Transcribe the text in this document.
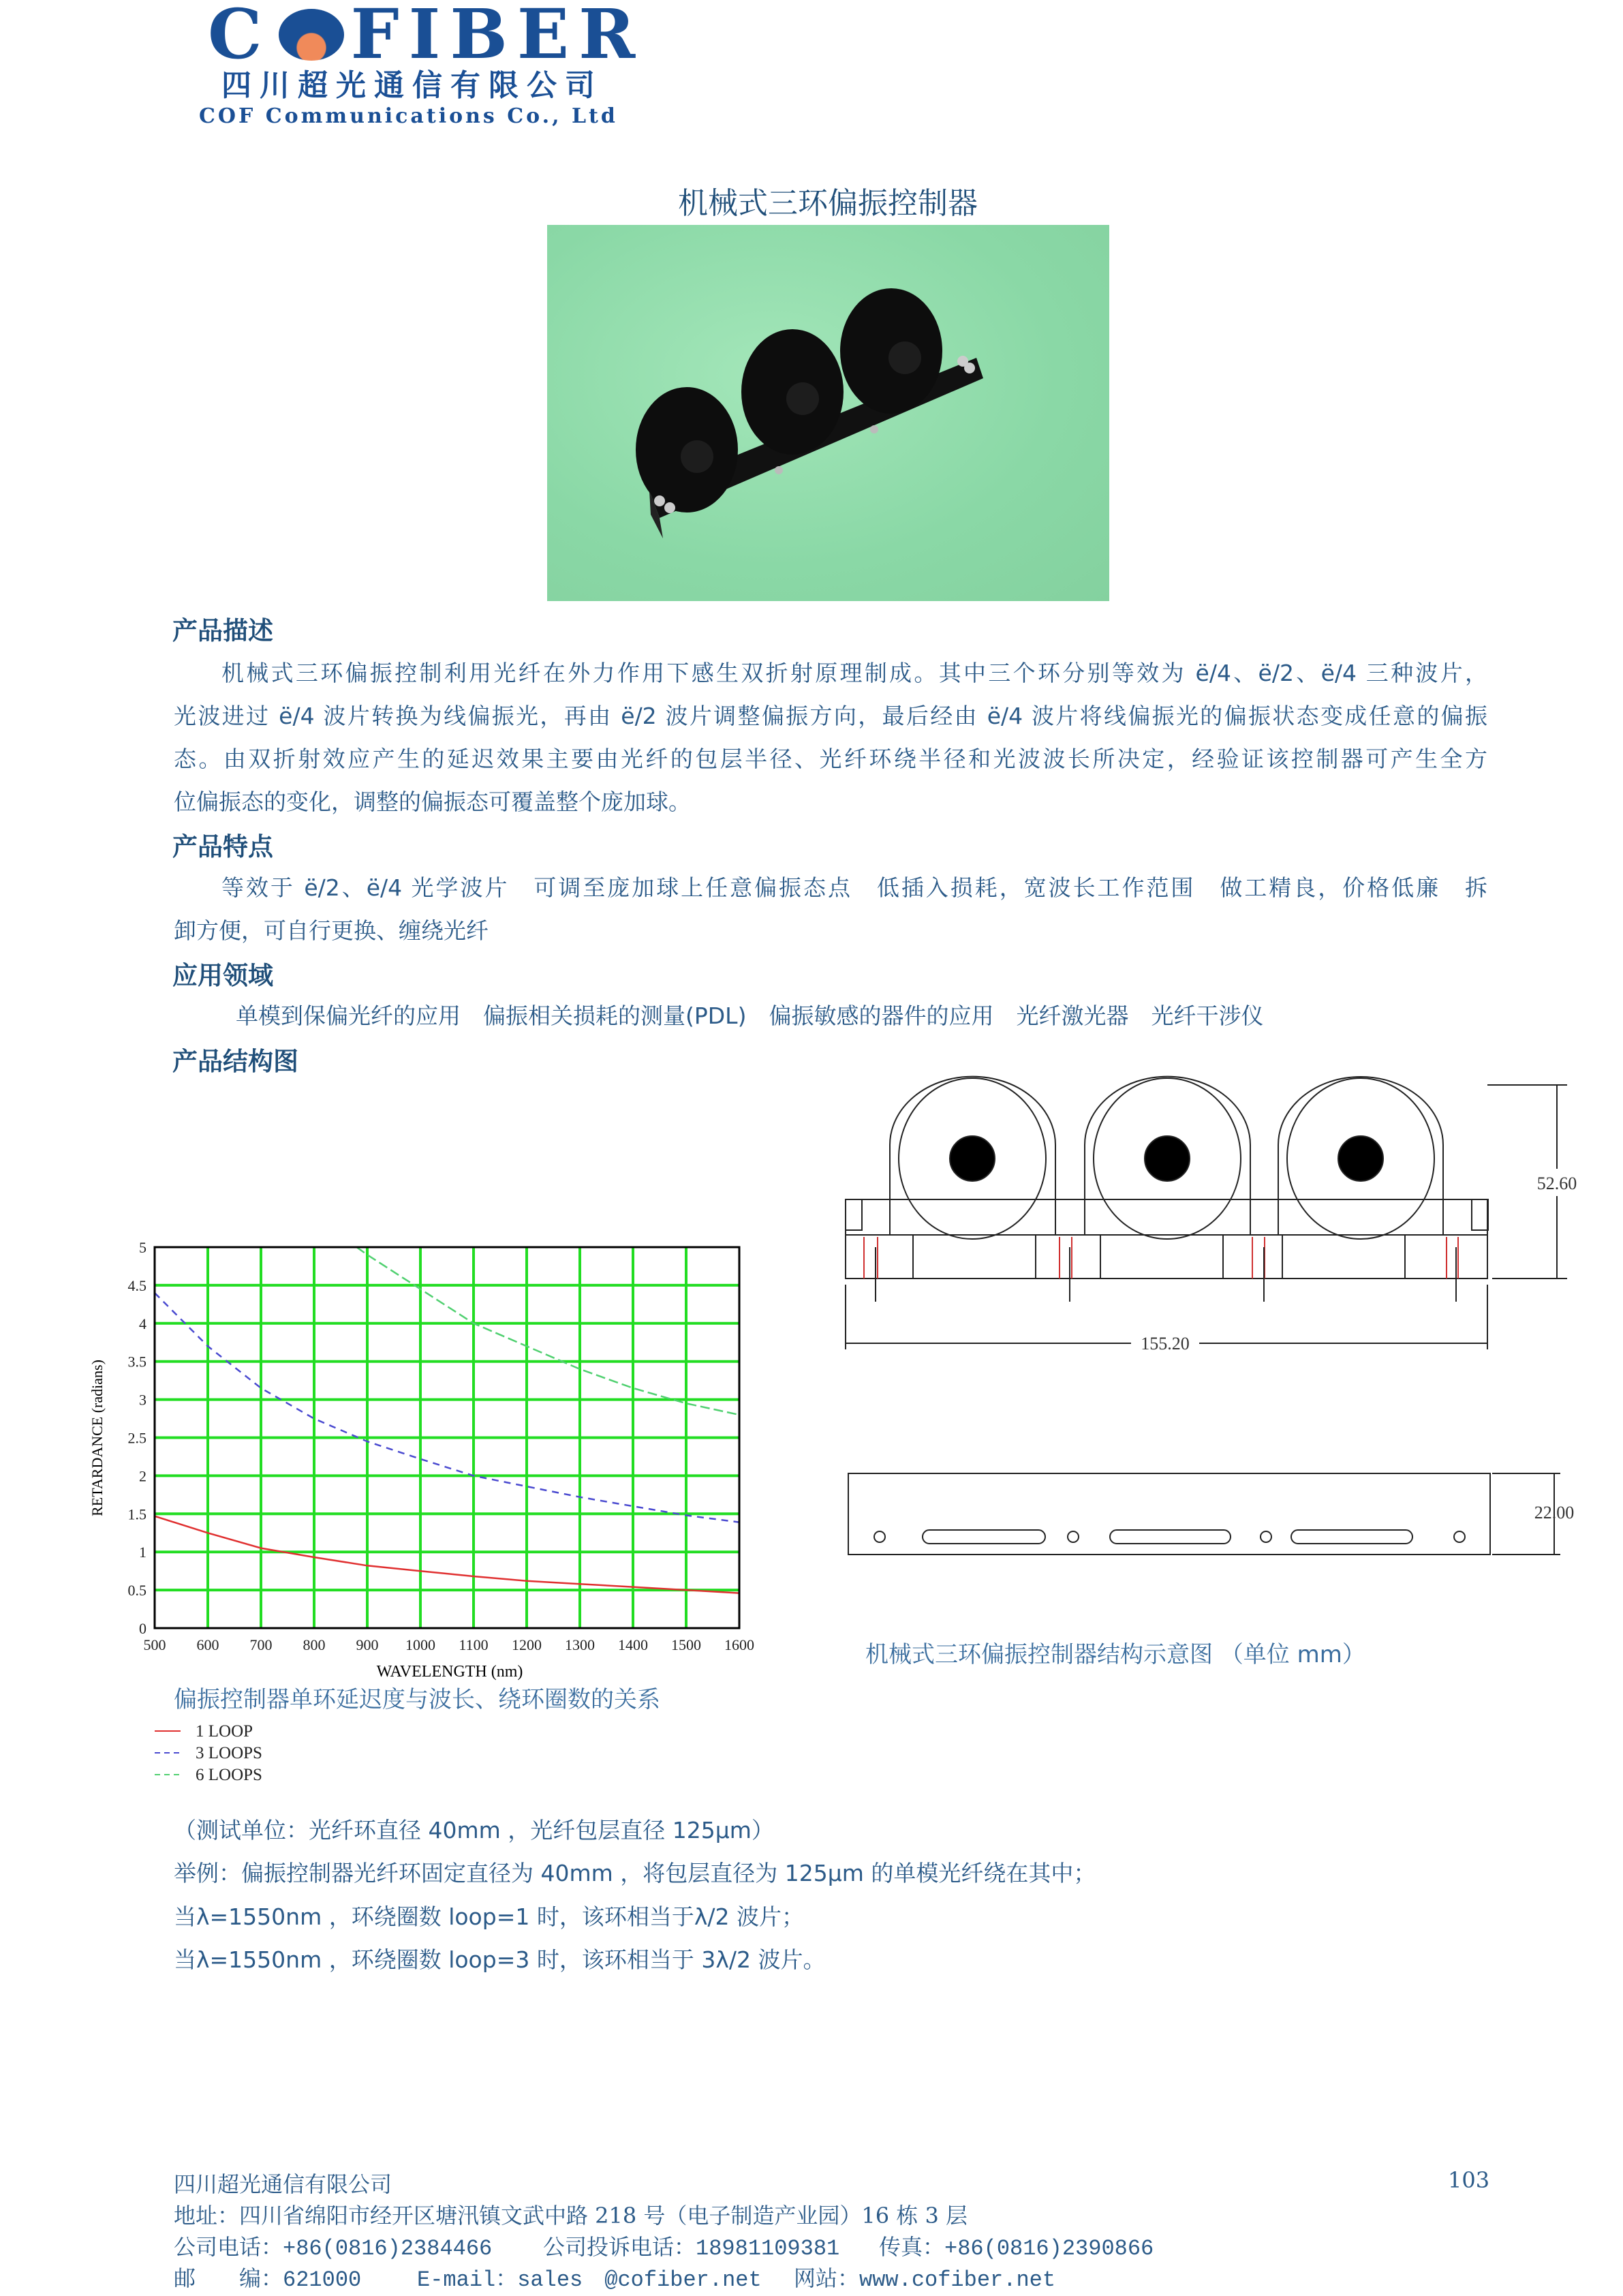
C FIBER
四川超光通信有限公司
COF Communications Co., Ltd
机械式三环偏振控制器
产品描述
机械式三环偏振控制利用光纤在外力作用下感生双折射原理制成。其中三个环分别等效为 ë/4、ë/2、ë/4 三种波片，
光波进过 ë/4 波片转换为线偏振光，再由 ë/2 波片调整偏振方向，最后经由 ë/4 波片将线偏振光的偏振状态变成任意的偏振
态。由双折射效应产生的延迟效果主要由光纤的包层半径、光纤环绕半径和光波波长所决定，经验证该控制器可产生全方
位偏振态的变化，调整的偏振态可覆盖整个庞加球。
产品特点
等效于 ë/2、ë/4 光学波片　可调至庞加球上任意偏振态点　低插入损耗，宽波长工作范围　做工精良，价格低廉　拆
卸方便，可自行更换、缠绕光纤
应用领域
单模到保偏光纤的应用　偏振相关损耗的测量(PDL)　偏振敏感的器件的应用　光纤激光器　光纤干涉仪
产品结构图
500 600 700 800 900 1000 1100 1200 1300 1400 1500 1600
0
0.5
1
1.5
2
2.5
3
3.5
4
4.5
5
RETARDANCE (radians)
WAVELENGTH (nm)
1 LOOP
3 LOOPS
6 LOOPS
偏振控制器单环延迟度与波长、绕环圈数的关系
52.60
155.20
22.00
机械式三环偏振控制器结构示意图 （单位 mm）
（测试单位：光纤环直径 40mm ，光纤包层直径 125μm）
举例：偏振控制器光纤环固定直径为 40mm ，将包层直径为 125μm 的单模光纤绕在其中；
当λ=1550nm ，环绕圈数 loop=1 时，该环相当于λ/2 波片；
当λ=1550nm ，环绕圈数 loop=3 时，该环相当于 3λ/2 波片。
四川超光通信有限公司	103
地址：四川省绵阳市经开区塘汛镇文武中路 218 号（电子制造产业园）16 栋 3 层
公司电话：+86(0816)2384466 公司投诉电话：18981109381 传真：+86(0816)2390866
邮　　编：621000	E-mail：sales　@cofiber.net 网站：www.cofiber.net
